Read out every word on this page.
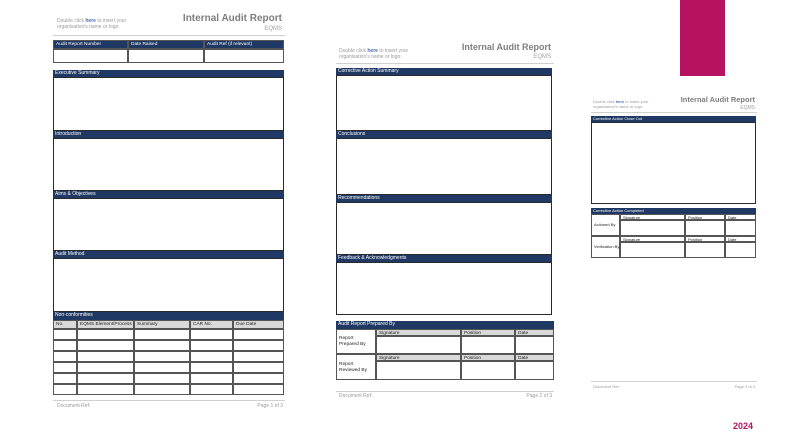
Double click here to insert your
organisation's name or logo.
Internal Audit Report
EQMS
Audit Report Number	Date Raised	Audit Ref (if relevant)
Executive Summary
Introduction
Aims & Objectives
Audit Method
Non-conformities
No.	EQMS Element/Process	Summary	CAR No.	Due Date
Document Ref:	Page 1 of 3
Double click here to insert your
organisation's name or logo.
Internal Audit Report
EQMS
Corrective Action Summary
Conclusions
Recommendations
Feedback & Acknowledgments
Audit Report Prepared By
Report Prepared By
Signature	Position	Date
Report Reviewed By
Signature	Position	Date
Document Ref:	Page 2 of 3
Double click here to insert your
organisation's name or logo.
Internal Audit Report
EQMS
Corrective Action Close Out
Corrective Action Completed
Actioned By
Signature	Position	Date
Verification By
Signature	Position	Date
Document Ref:	Page 3 of 3
2024
